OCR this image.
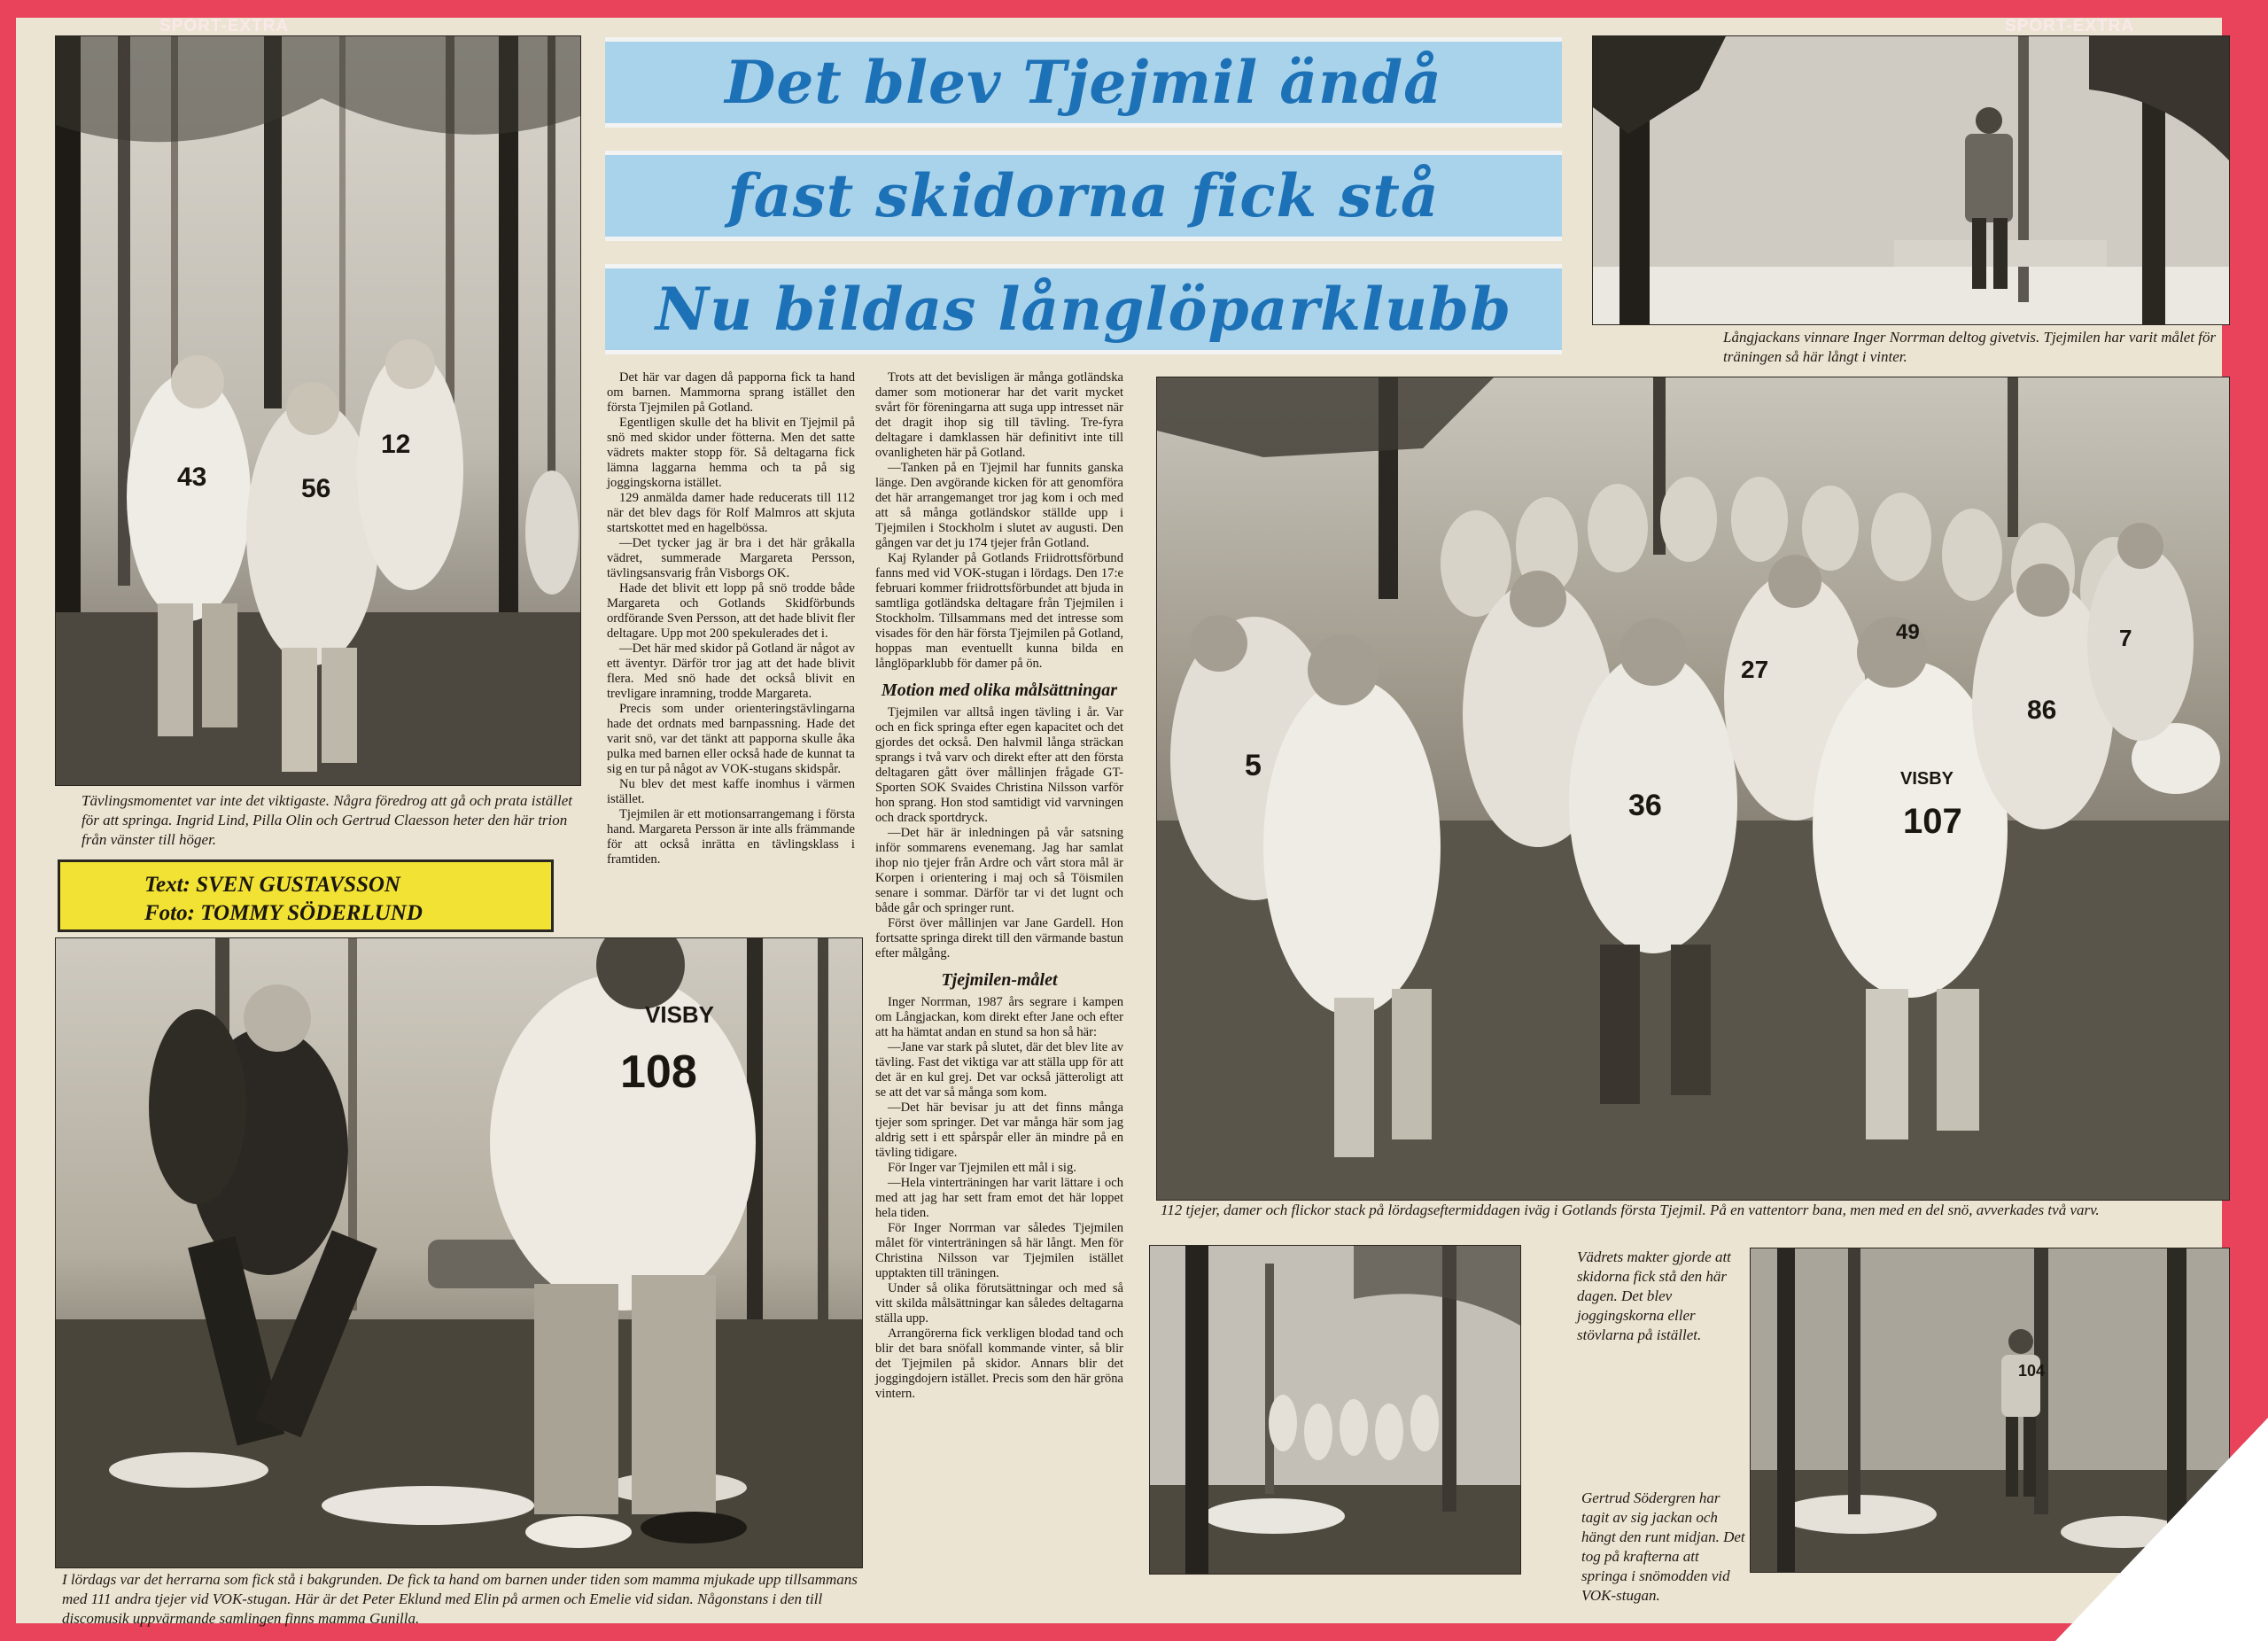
SPORT-EXTRA	SPORT-EXTRA
43	56
12

Tävlingsmomentet var inte det viktigaste. Några föredrog att gå och prata istället för att springa. Ingrid Lind, Pilla Olin och Gertrud Claesson heter den här trion från vänster till höger.

Text: SVEN GUSTAVSSON
Foto: TOMMY SÖDERLUND
108
VISBY

I lördags var det herrarna som fick stå i bakgrunden. De fick ta hand om barnen under tiden som mamma mjukade upp tillsammans med 111 andra tjejer vid VOK-stugan. Här är det Peter Eklund med Elin på armen och Emelie vid sidan. Någonstans i den till discomusik uppvärmande samlingen finns mamma Gunilla.

Det blev Tjejmil ändå
fast skidorna fick stå
Nu bildas långlöparklubb

Det här var dagen då papporna fick ta hand om barnen. Mammorna sprang istället den första Tjejmilen på Gotland.

Egentligen skulle det ha blivit en Tjejmil på snö med skidor under fötterna. Men det satte vädrets makter stopp för. Så deltagarna fick lämna laggarna hemma och ta på sig joggingskorna istället.

129 anmälda damer hade reducerats till 112 när det blev dags för Rolf Malmros att skjuta startskottet med en hagelbössa.

—Det tycker jag är bra i det här gråkalla vädret, summerade Margareta Persson, tävlingsansvarig från Visborgs OK.

Hade det blivit ett lopp på snö trodde både Margareta och Gotlands Skidförbunds ordförande Sven Persson, att det hade blivit fler deltagare. Upp mot 200 spekulerades det i.

—Det här med skidor på Gotland är något av ett äventyr. Därför tror jag att det hade blivit flera. Med snö hade det också blivit en trevligare inramning, trodde Margareta.

Precis som under orienteringstävlingarna hade det ordnats med barnpassning. Hade det varit snö, var det tänkt att papporna skulle åka pulka med barnen eller också hade de kunnat ta sig en tur på något av VOK-stugans skidspår.

Nu blev det mest kaffe inomhus i värmen istället.

Tjejmilen är ett motionsarrangemang i första hand. Margareta Persson är inte alls främmande för att också inrätta en tävlingsklass i framtiden.

Trots att det bevisligen är många gotländska damer som motionerar har det varit mycket svårt för föreningarna att suga upp intresset när det dragit ihop sig till tävling. Tre-fyra deltagare i damklassen här definitivt inte till ovanligheten här på Gotland.

—Tanken på en Tjejmil har funnits ganska länge. Den avgörande kicken för att genomföra det här arrangemanget tror jag kom i och med att så många gotländskor ställde upp i Tjejmilen i Stockholm i slutet av augusti. Den gången var det ju 174 tjejer från Gotland.

Kaj Rylander på Gotlands Friidrottsförbund fanns med vid VOK-stugan i lördags. Den 17:e februari kommer friidrottsförbundet att bjuda in samtliga gotländska deltagare från Tjejmilen i Stockholm. Tillsammans med det intresse som visades för den här första Tjejmilen på Gotland, hoppas man eventuellt kunna bilda en långlöparklubb för damer på ön.

Motion med olika målsättningar

Tjejmilen var alltså ingen tävling i år. Var och en fick springa efter egen kapacitet och det gjordes det också. Den halvmil långa sträckan sprangs i två varv och direkt efter att den första deltagaren gått över mållinjen frågade GT-Sporten SOK Svaides Christina Nilsson varför hon sprang. Hon stod samtidigt vid varvningen och drack sportdryck.

—Det här är inledningen på vår satsning inför sommarens evenemang. Jag har samlat ihop nio tjejer från Ardre och vårt stora mål är Korpen i orientering i maj och så Töismilen senare i sommar. Därför tar vi det lugnt och både går och springer runt.

Först över mållinjen var Jane Gardell. Hon fortsatte springa direkt till den värmande bastun efter målgång.

Tjejmilen-målet

Inger Norrman, 1987 års segrare i kampen om Långjackan, kom direkt efter Jane och efter att ha hämtat andan en stund sa hon så här:

—Jane var stark på slutet, där det blev lite av tävling. Fast det viktiga var att ställa upp för att det är en kul grej. Det var också jätteroligt att se att det var så många som kom.

—Det här bevisar ju att det finns många tjejer som springer. Det var många här som jag aldrig sett i ett spårspår eller än mindre på en tävling tidigare.

För Inger var Tjejmilen ett mål i sig.

—Hela vinterträningen har varit lättare i och med att jag har sett fram emot det här loppet hela tiden.

För Inger Norrman var således Tjejmilen målet för vinterträningen så här långt. Men för Christina Nilsson var Tjejmilen istället upptakten till träningen.

Under så olika förutsättningar och med så vitt skilda målsättningar kan således deltagarna ställa upp.

Arrangörerna fick verkligen blodad tand och blir det bara snöfall kommande vinter, så blir det Tjejmilen på skidor. Annars blir det joggingdojern istället. Precis som den här gröna vintern.

Långjackans vinnare Inger Norrman deltog givetvis. Tjejmilen har varit målet för träningen så här långt i vinter.

5
36	107
27
49
86
7
VISBY

112 tjejer, damer och flickor stack på lördagseftermiddagen iväg i Gotlands första Tjejmil. På en vattentorr bana, men med en del snö, avverkades två varv.

Vädrets makter gjorde att skidorna fick stå den här dagen. Det blev joggingskorna eller stövlarna på istället.

104

Gertrud Södergren har tagit av sig jackan och hängt den runt midjan. Det tog på krafterna att springa i snömodden vid VOK-stugan.
